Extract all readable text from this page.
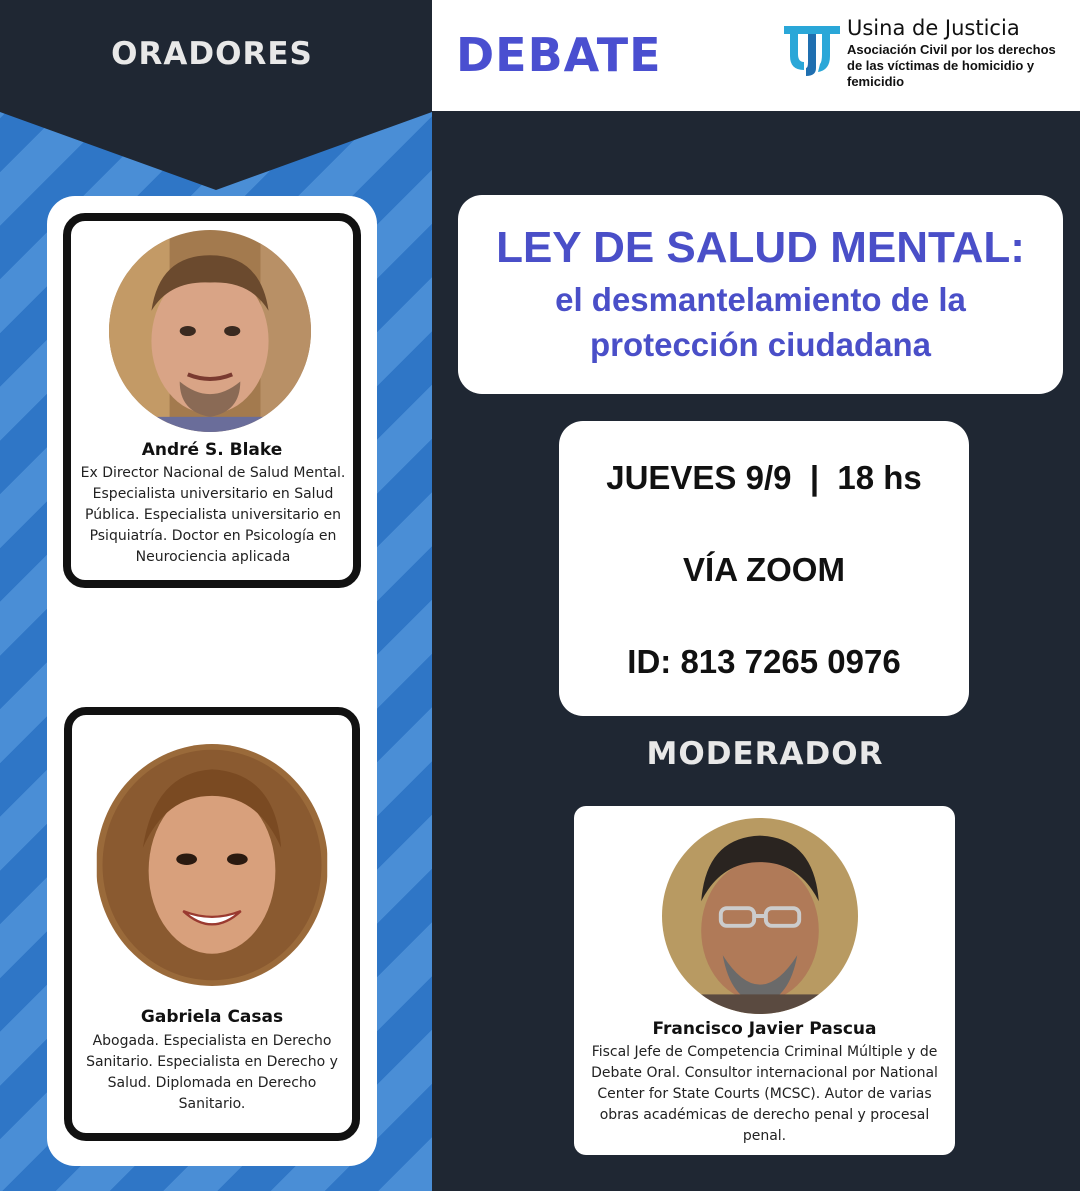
ORADORES
André S. Blake
Ex Director Nacional de Salud Mental. Especialista universitario en Salud Pública. Especialista universitario en Psiquiatría. Doctor en Psicología en Neurociencia aplicada
Gabriela Casas
Abogada. Especialista en Derecho Sanitario. Especialista en Derecho y Salud. Diplomada en Derecho Sanitario.
DEBATE	Usina de Justicia
Asociación Civil por los derechos de las víctimas de homicidio y femicidio
LEY DE SALUD MENTAL:
el desmantelamiento de la
protección ciudadana
JUEVES 9/9  |  18 hs
VÍA ZOOM
ID: 813 7265 0976
MODERADOR
Francisco Javier Pascua
Fiscal Jefe de Competencia Criminal Múltiple y de Debate Oral. Consultor internacional por National Center for State Courts (MCSC). Autor de varias obras académicas de derecho penal y procesal penal.
